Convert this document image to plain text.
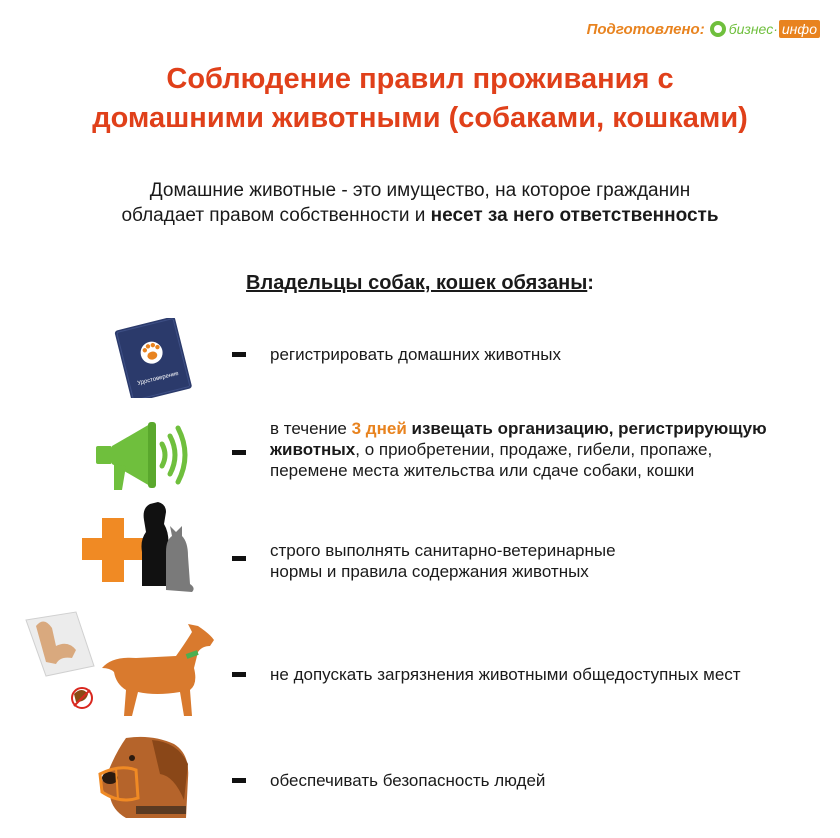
Подготовлено: бизнес· инфо
Соблюдение правил проживания с
домашними животными (собаками, кошками)
Домашние животные - это имущество, на которое гражданин
обладает правом собственности и несет за него ответственность
Владельцы собак, кошек обязаны:
Удостоверение
регистрировать домашних животных
в течение 3 дней извещать организацию, регистрирующую
животных, о приобретении, продаже, гибели, пропаже,
перемене места жительства или сдаче собаки, кошки
строго выполнять санитарно-ветеринарные
нормы и правила содержания животных
не допускать загрязнения животными общедоступных мест
обеспечивать безопасность людей
